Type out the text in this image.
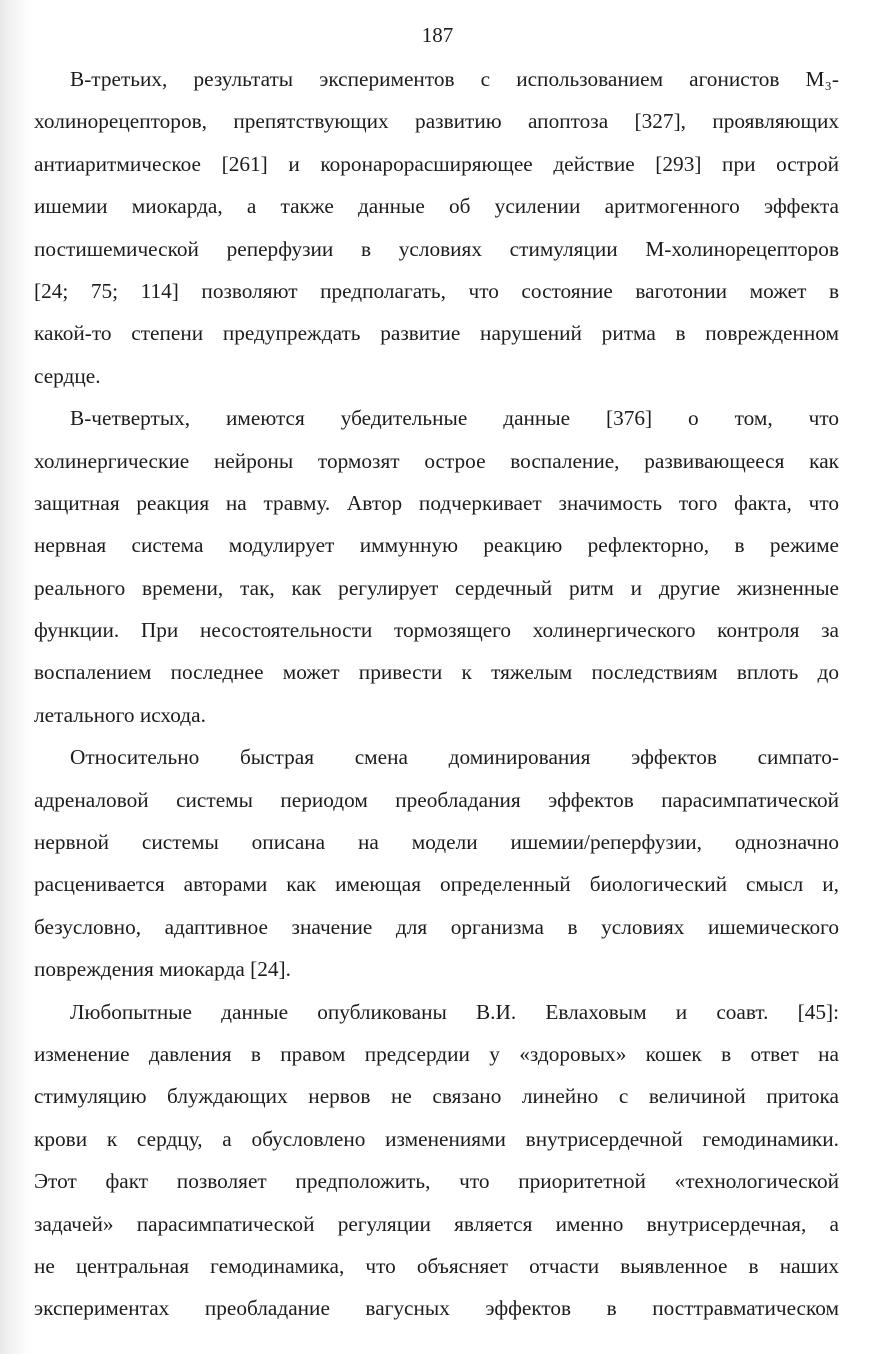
187
В-третьих, результаты экспериментов с использованием агонистов М₃-
холинорецепторов, препятствующих развитию апоптоза [327], проявляющих
антиаритмическое [261] и коронарорасширяющее действие [293] при острой
ишемии миокарда, а также данные об усилении аритмогенного эффекта
постишемической реперфузии в условиях стимуляции М-холинорецепторов
[24; 75; 114] позволяют предполагать, что состояние ваготонии может в
какой-то степени предупреждать развитие нарушений ритма в поврежденном
сердце.
В-четвертых, имеются убедительные данные [376] о том, что
холинергические нейроны тормозят острое воспаление, развивающееся как
защитная реакция на травму. Автор подчеркивает значимость того факта, что
нервная система модулирует иммунную реакцию рефлекторно, в режиме
реального времени, так, как регулирует сердечный ритм и другие жизненные
функции. При несостоятельности тормозящего холинергического контроля за
воспалением последнее может привести к тяжелым последствиям вплоть до
летального исхода.
Относительно быстрая смена доминирования эффектов симпато-
адреналовой системы периодом преобладания эффектов парасимпатической
нервной системы описана на модели ишемии/реперфузии, однозначно
расценивается авторами как имеющая определенный биологический смысл и,
безусловно, адаптивное значение для организма в условиях ишемического
повреждения миокарда [24].
Любопытные данные опубликованы В.И. Евлаховым и соавт. [45]:
изменение давления в правом предсердии у «здоровых» кошек в ответ на
стимуляцию блуждающих нервов не связано линейно с величиной притока
крови к сердцу, а обусловлено изменениями внутрисердечной гемодинамики.
Этот факт позволяет предположить, что приоритетной «технологической
задачей» парасимпатической регуляции является именно внутрисердечная, а
не центральная гемодинамика, что объясняет отчасти выявленное в наших
экспериментах преобладание вагусных эффектов в посттравматическом
